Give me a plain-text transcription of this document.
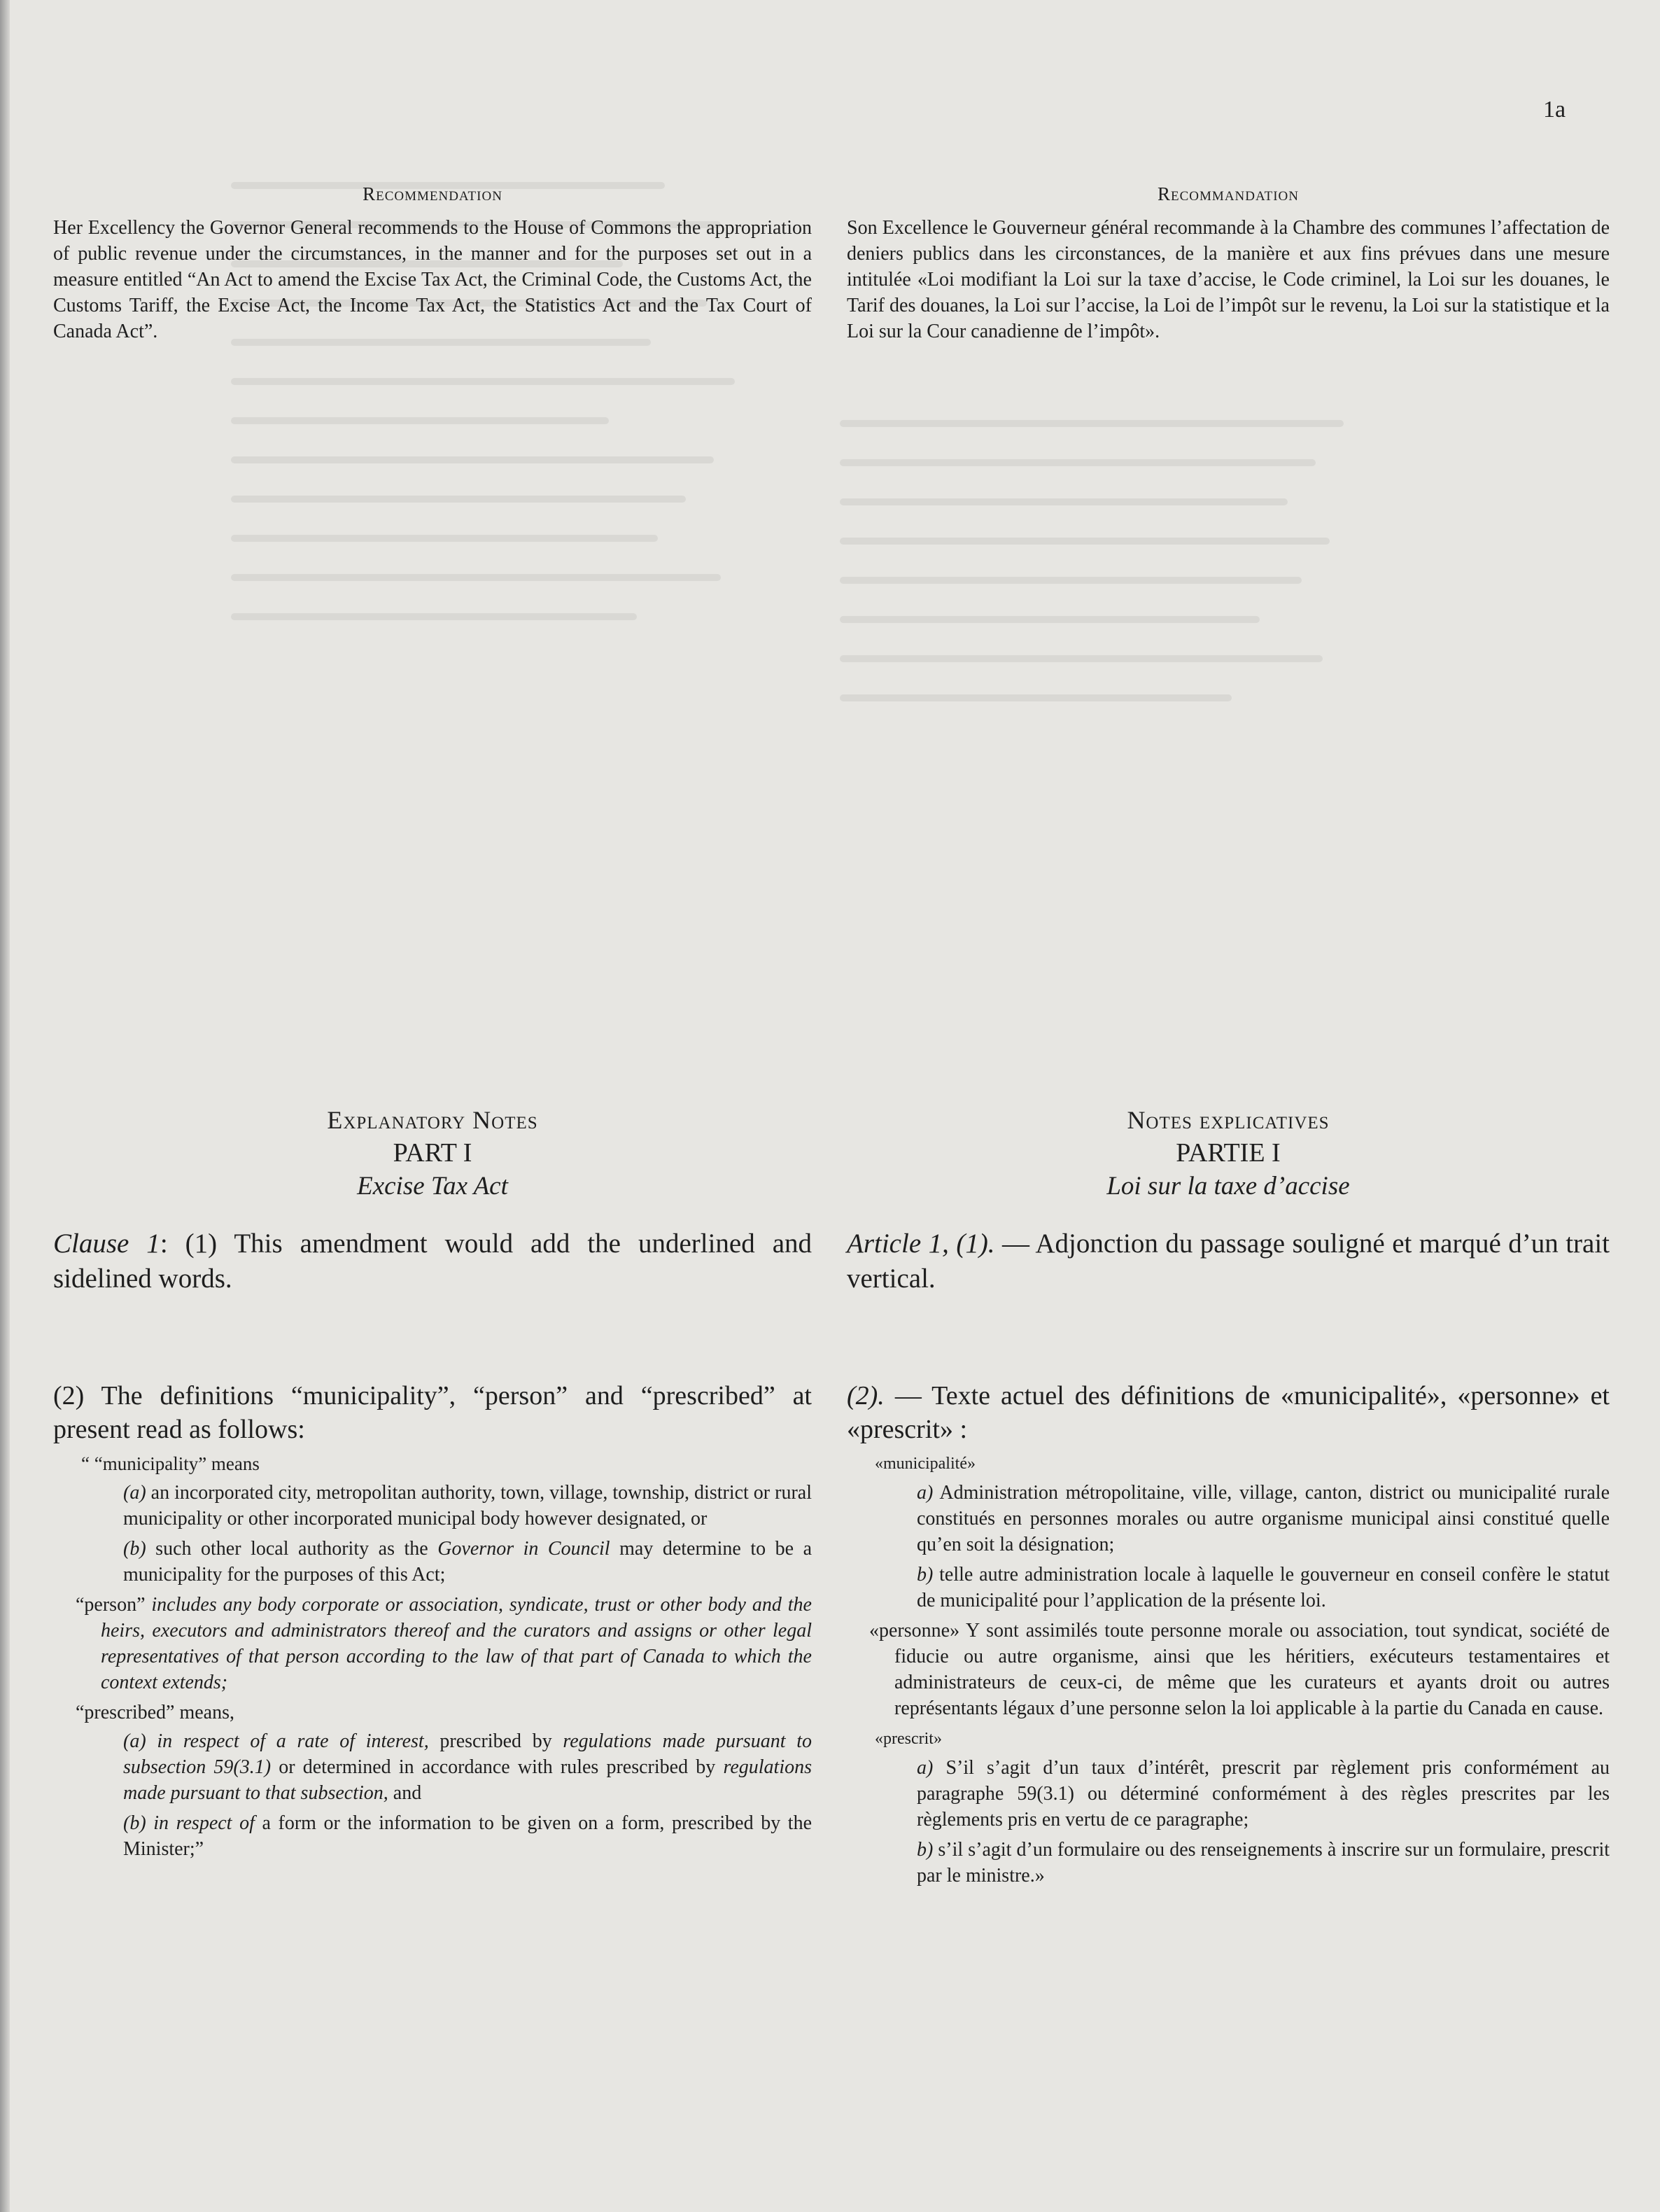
1a
Recommendation

Her Excellency the Governor General recommends to the House of Commons the appropriation of public revenue under the circumstances, in the manner and for the purposes set out in a measure entitled “An Act to amend the Excise Tax Act, the Criminal Code, the Customs Act, the Customs Tariff, the Excise Act, the Income Tax Act, the Statistics Act and the Tax Court of Canada Act”.

Explanatory Notes
PART I
Excise Tax Act

Clause 1: (1) This amendment would add the underlined and sidelined words.

(2) The definitions “municipality”, “person” and “prescribed” at present read as follows:

“ “municipality” means

(a) an incorporated city, metropolitan authority, town, village, township, district or rural municipality or other incorporated municipal body however designated, or

(b) such other local authority as the Governor in Council may determine to be a municipality for the purposes of this Act;

“person” includes any body corporate or association, syndicate, trust or other body and the heirs, executors and administrators thereof and the curators and assigns or other legal representatives of that person according to the law of that part of Canada to which the context extends;

“prescribed” means,

(a) in respect of a rate of interest, prescribed by regulations made pursuant to subsection 59(3.1) or determined in accordance with rules prescribed by regulations made pursuant to that subsection, and

(b) in respect of a form or the information to be given on a form, prescribed by the Minister;”

Recommandation

Son Excellence le Gouverneur général recommande à la Chambre des communes l’affectation de deniers publics dans les circonstances, de la manière et aux fins prévues dans une mesure intitulée «Loi modifiant la Loi sur la taxe d’accise, le Code criminel, la Loi sur les douanes, le Tarif des douanes, la Loi sur l’accise, la Loi de l’impôt sur le revenu, la Loi sur la statistique et la Loi sur la Cour canadienne de l’impôt».

Notes explicatives
PARTIE I
Loi sur la taxe d’accise

Article 1, (1). — Adjonction du passage souligné et marqué d’un trait vertical.

(2). — Texte actuel des définitions de «municipalité», «personne» et «prescrit» :

«municipalité»

a) Administration métropolitaine, ville, village, canton, district ou municipalité rurale constitués en personnes morales ou autre organisme municipal ainsi constitué quelle qu’en soit la désignation;

b) telle autre administration locale à laquelle le gouverneur en conseil confère le statut de municipalité pour l’application de la présente loi.

«personne» Y sont assimilés toute personne morale ou association, tout syndicat, société de fiducie ou autre organisme, ainsi que les héritiers, exécuteurs testamentaires et administrateurs de ceux-ci, de même que les curateurs et ayants droit ou autres représentants légaux d’une personne selon la loi applicable à la partie du Canada en cause.

«prescrit»

a) S’il s’agit d’un taux d’intérêt, prescrit par règlement pris conformément au paragraphe 59(3.1) ou déterminé conformément à des règles prescrites par les règlements pris en vertu de ce paragraphe;

b) s’il s’agit d’un formulaire ou des renseignements à inscrire sur un formulaire, prescrit par le ministre.»
